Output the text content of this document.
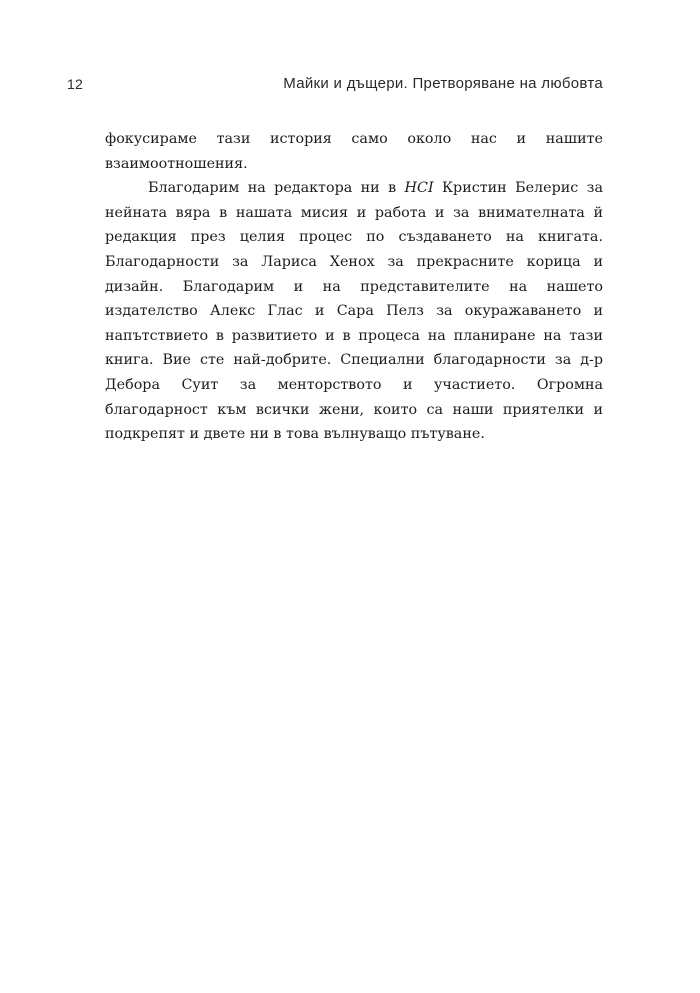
12	Майки и дъщери. Претворяване на любовта

фокусираме тази история само около нас и нашите взаимоотношения.

Благодарим на редактора ни в HCI Кристин Белерис за нейната вяра в нашата мисия и работа и за внимателната й редакция през целия процес по създаването на книгата. Благодарности за Лариса Хенох за прекрасните корица и дизайн. Благодарим и на представителите на нашето издателство Алекс Глас и Сара Пелз за окуражаването и напътствието в развитието и в процеса на планиране на тази книга. Вие сте най-добрите. Специални благодарности за д-р Дебора Суит за менторството и участието. Огромна благодарност към всички жени, които са наши приятелки и подкрепят и двете ни в това вълнуващо пътуване.
